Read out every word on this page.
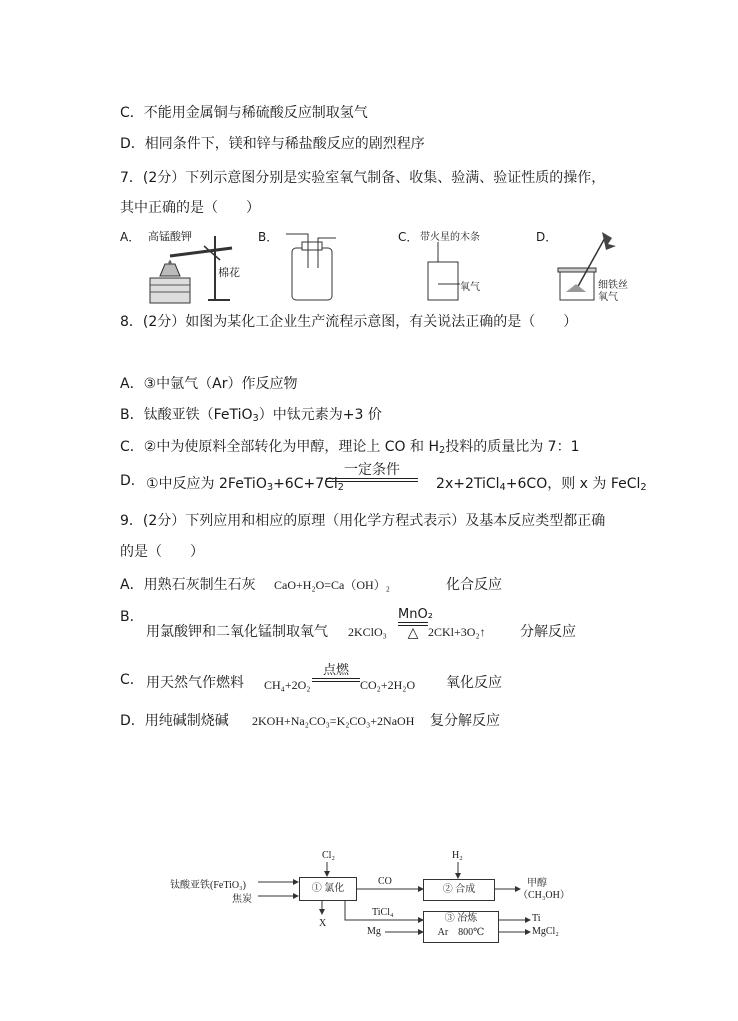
C．不能用金属铜与稀硫酸反应制取氢气
D．相同条件下，镁和锌与稀盐酸反应的剧烈程序
7．(2分）下列示意图分别是实验室氧气制备、收集、验满、验证性质的操作，
其中正确的是（　　）
A． 高锰酸钾
棉花
B．	C． 带火星的木条
氧气
D．
细铁丝
氧气
8．(2分）如图为某化工企业生产流程示意图，有关说法正确的是（　　）
A．③中氩气（Ar）作反应物
B．钛酸亚铁（FeTiO$_3$）中钛元素为+3 价
C．②中为使原料全部转化为甲醇，理论上 CO 和 $H_2$投料的质量比为 7：1
D． ①中反应为 $2FeTiO_3+6C+7Cl_2$	2x+2TiCl$_4$+6CO，则 x 为 FeCl$_2$
一定条件
9．(2分）下列应用和相应的原理（用化学方程式表示）及基本反应类型都正确
的是（　　）
A．用熟石灰制生石灰 CaO+H₂O=Ca（OH）₂	化合反应
B．
用氯酸钾和二氧化锰制取氧气 2KClO₃
MnO₂
△ 2CKl+3O₂↑ 分解反应
C． 用天然气作燃料 CH₄+2O₂
点燃
CO₂+2H₂O 氧化反应
D．用纯碱制烧碱 2KOH+Na₂CO₃=K₂CO₃+2NaOH 复分解反应
钛酸亚铁(FeTiO₃)
焦炭
Cl₂
① 氯化
X
CO
TiCl₄
Mg
H₂
② 合成
③ 冶炼
Ar　800℃
甲醇
（CH₃OH）
Ti
MgCl₂
